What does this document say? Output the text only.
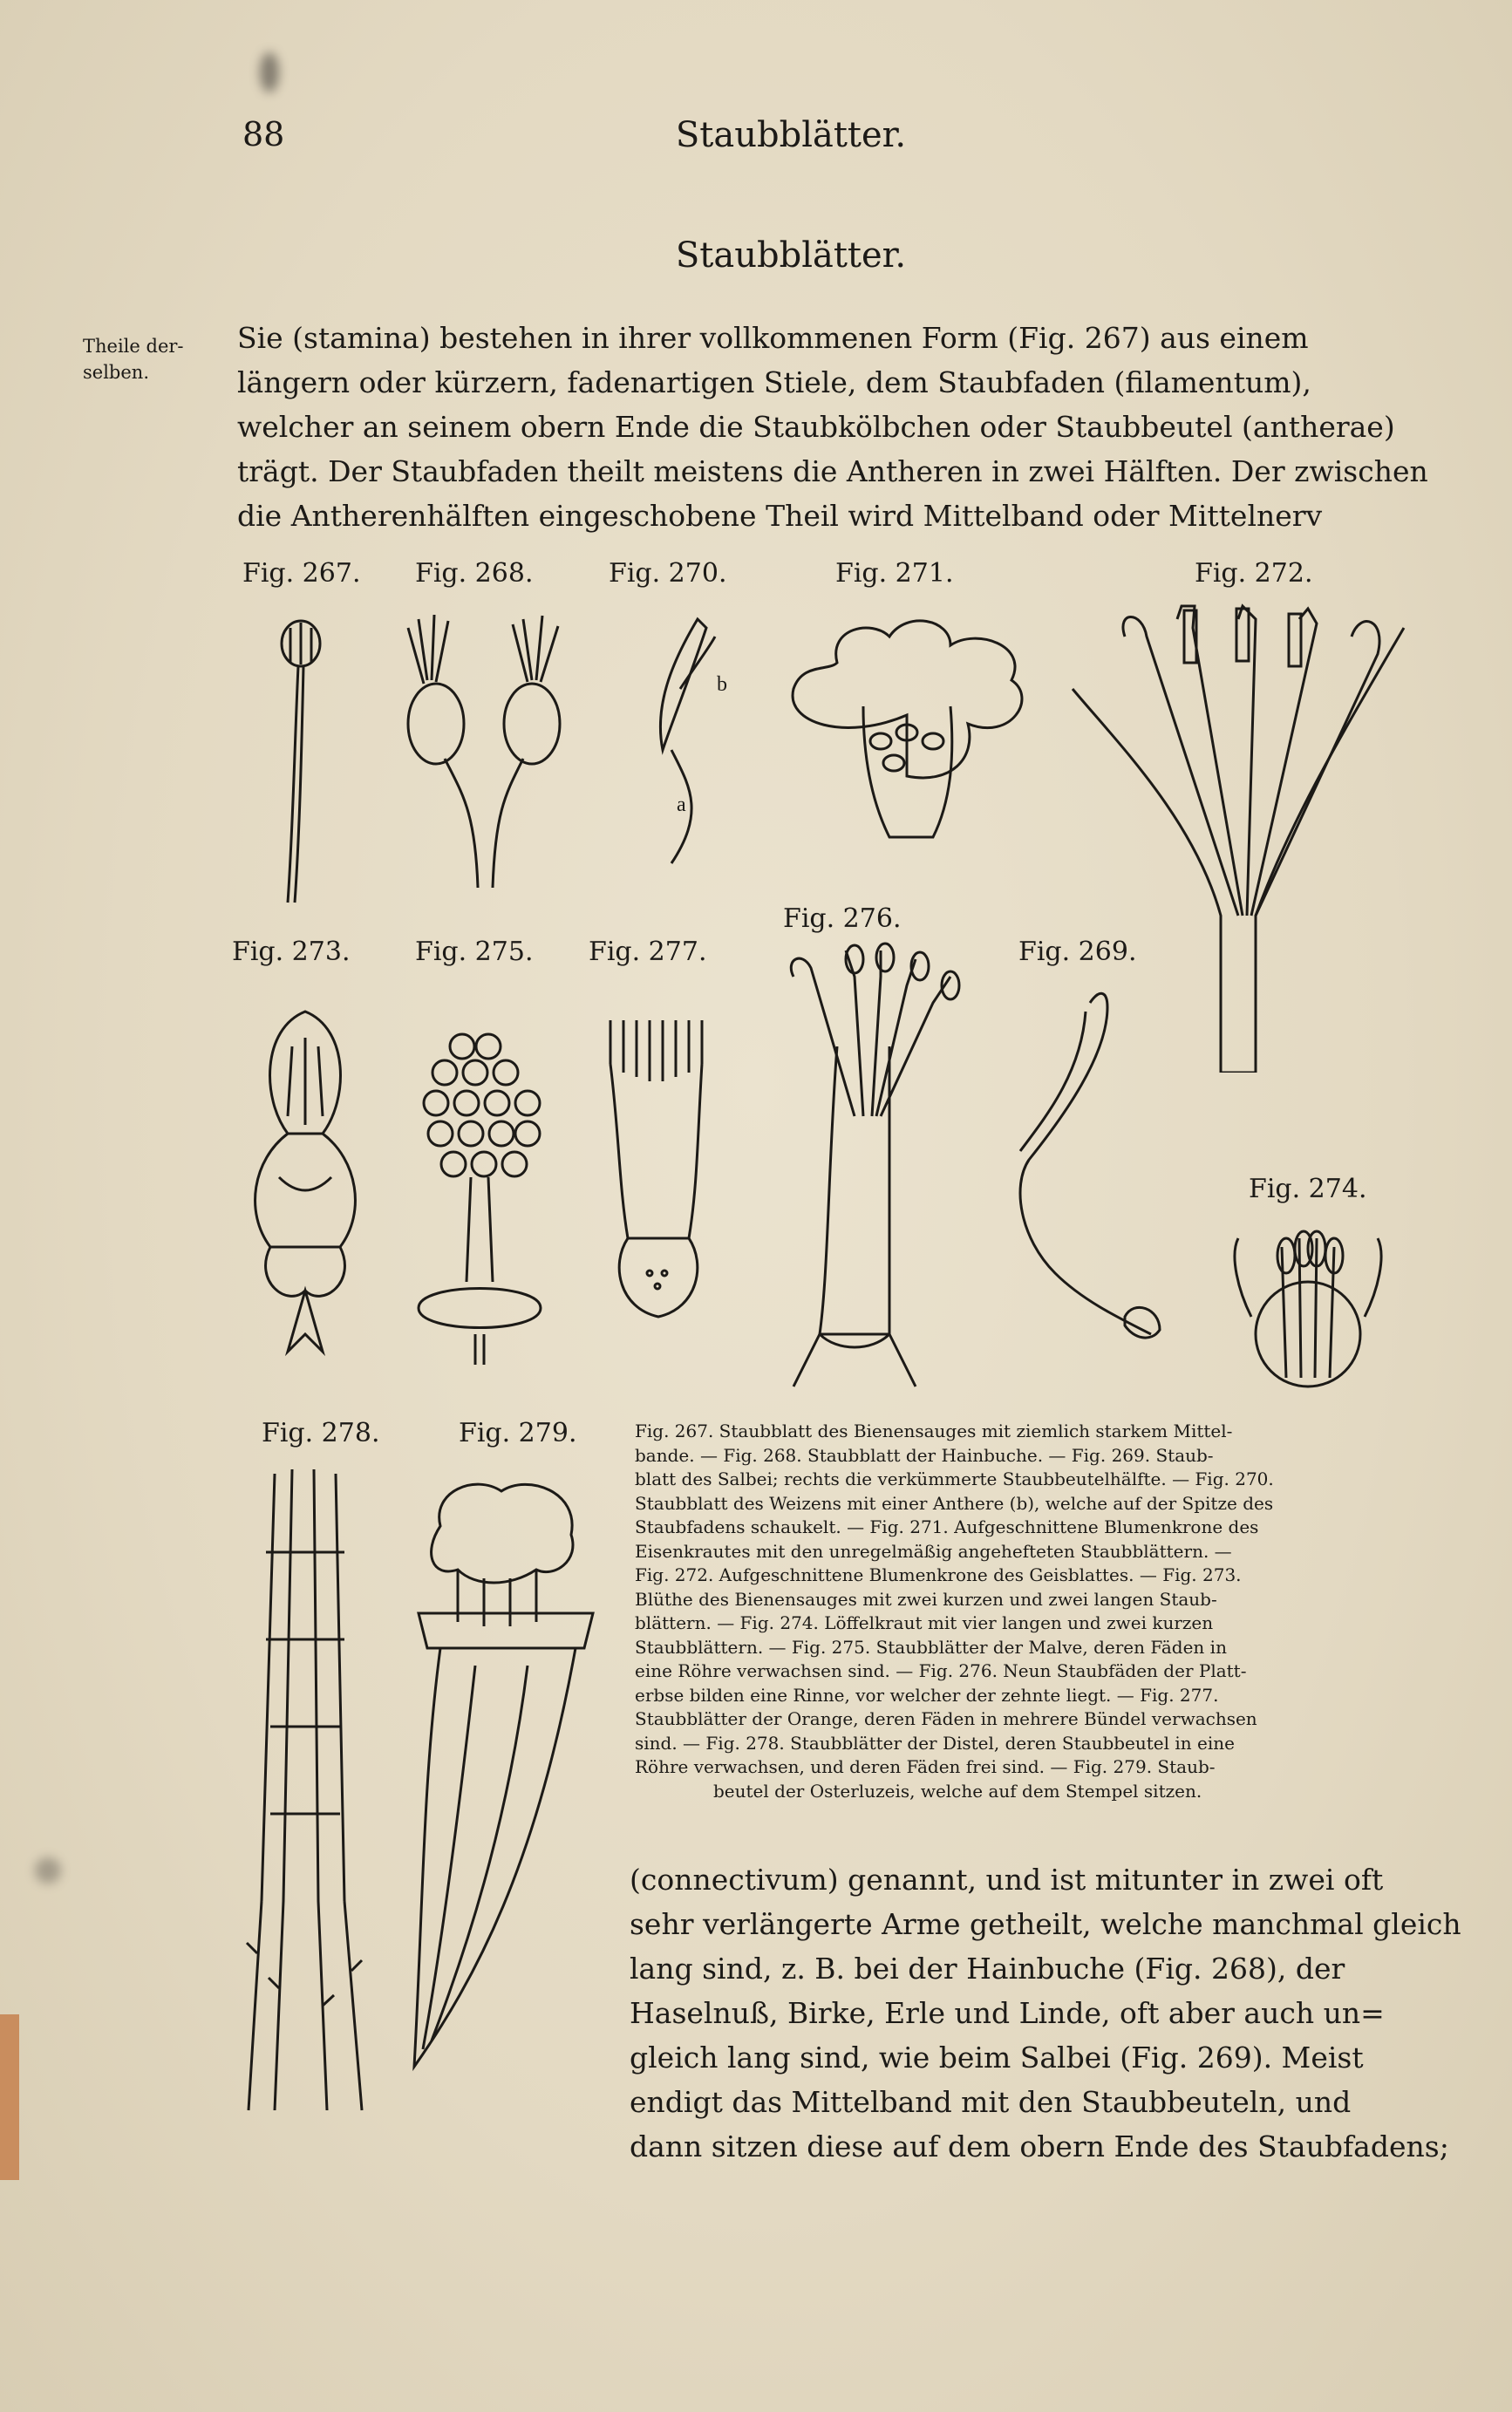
88	Staubblätter.
Staubblätter.
Theile der-
selben.
Sie (stamina) bestehen in ihrer vollkommenen Form (Fig. 267) aus einem
längern oder kürzern, fadenartigen Stiele, dem Staubfaden (filamentum),
welcher an seinem obern Ende die Staubkölbchen oder Staubbeutel (antherae)
trägt. Der Staubfaden theilt meistens die Antheren in zwei Hälften. Der zwischen
die Antherenhälften eingeschobene Theil wird Mittelband oder Mittelnerv
Fig. 267. Fig. 268.	Fig. 270.	Fig. 271.	Fig. 272.
Fig. 273. Fig. 275. Fig. 277.
Fig. 276.
Fig. 269.
Fig. 274.
Fig. 278.	Fig. 279.
b
a
Fig. 267. Staubblatt des Bienensauges mit ziemlich starkem Mittel-
bande. — Fig. 268. Staubblatt der Hainbuche. — Fig. 269. Staub-
blatt des Salbei; rechts die verkümmerte Staubbeutelhälfte. — Fig. 270.
Staubblatt des Weizens mit einer Anthere (b), welche auf der Spitze des
Staubfadens schaukelt. — Fig. 271. Aufgeschnittene Blumenkrone des
Eisenkrautes mit den unregelmäßig angehefteten Staubblättern. —
Fig. 272. Aufgeschnittene Blumenkrone des Geisblattes. — Fig. 273.
Blüthe des Bienensauges mit zwei kurzen und zwei langen Staub-
blättern. — Fig. 274. Löffelkraut mit vier langen und zwei kurzen
Staubblättern. — Fig. 275. Staubblätter der Malve, deren Fäden in
eine Röhre verwachsen sind. — Fig. 276. Neun Staubfäden der Platt-
erbse bilden eine Rinne, vor welcher der zehnte liegt. — Fig. 277.
Staubblätter der Orange, deren Fäden in mehrere Bündel verwachsen
sind. — Fig. 278. Staubblätter der Distel, deren Staubbeutel in eine
Röhre verwachsen, und deren Fäden frei sind. — Fig. 279. Staub-
beutel der Osterluzeis, welche auf dem Stempel sitzen.
(connectivum) genannt, und ist mitunter in zwei oft
sehr verlängerte Arme getheilt, welche manchmal gleich
lang sind, z. B. bei der Hainbuche (Fig. 268), der
Haselnuß, Birke, Erle und Linde, oft aber auch un=
gleich lang sind, wie beim Salbei (Fig. 269). Meist
endigt das Mittelband mit den Staubbeuteln, und
dann sitzen diese auf dem obern Ende des Staubfadens;
